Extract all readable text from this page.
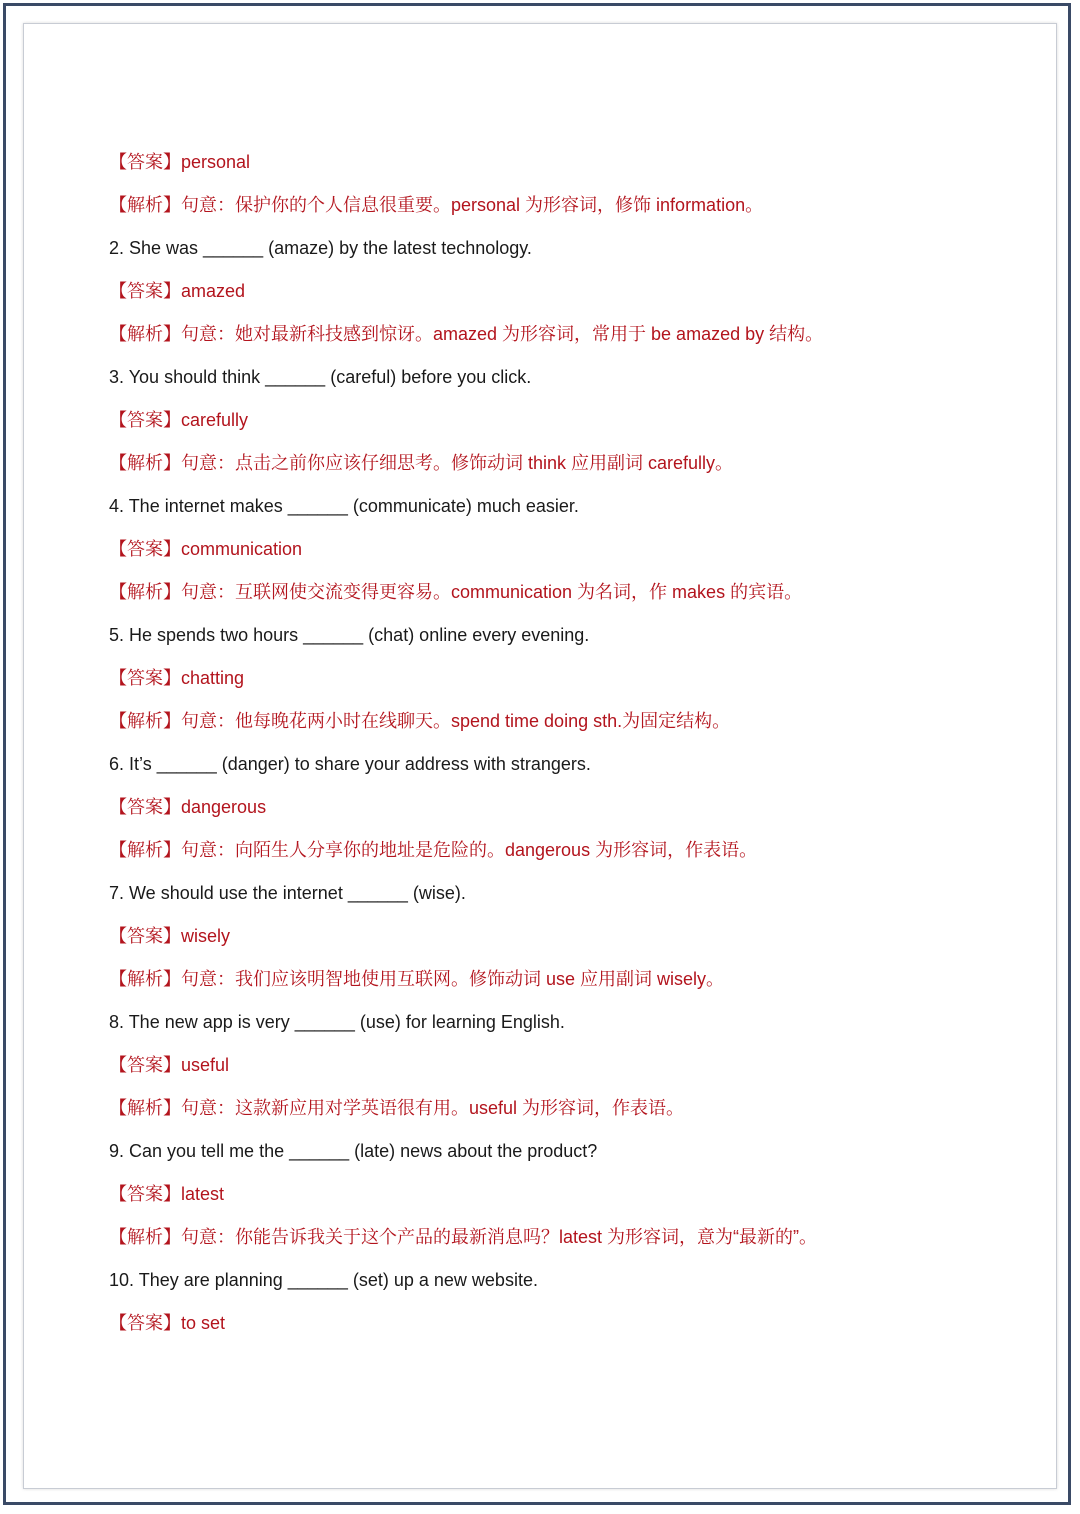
【答案】personal
【解析】句意：保护你的个人信息很重要。personal 为形容词，修饰 information。
2. She was ______ (amaze) by the latest technology.
【答案】amazed
【解析】句意：她对最新科技感到惊讶。amazed 为形容词，常用于 be amazed by 结构。
3. You should think ______ (careful) before you click.
【答案】carefully
【解析】句意：点击之前你应该仔细思考。修饰动词 think 应用副词 carefully。
4. The internet makes ______ (communicate) much easier.
【答案】communication
【解析】句意：互联网使交流变得更容易。communication 为名词，作 makes 的宾语。
5. He spends two hours ______ (chat) online every evening.
【答案】chatting
【解析】句意：他每晚花两小时在线聊天。spend time doing sth.为固定结构。
6. It’s ______ (danger) to share your address with strangers.
【答案】dangerous
【解析】句意：向陌生人分享你的地址是危险的。dangerous 为形容词，作表语。
7. We should use the internet ______ (wise).
【答案】wisely
【解析】句意：我们应该明智地使用互联网。修饰动词 use 应用副词 wisely。
8. The new app is very ______ (use) for learning English.
【答案】useful
【解析】句意：这款新应用对学英语很有用。useful 为形容词，作表语。
9. Can you tell me the ______ (late) news about the product?
【答案】latest
【解析】句意：你能告诉我关于这个产品的最新消息吗？latest 为形容词，意为“最新的”。
10. They are planning ______ (set) up a new website.
【答案】to set
